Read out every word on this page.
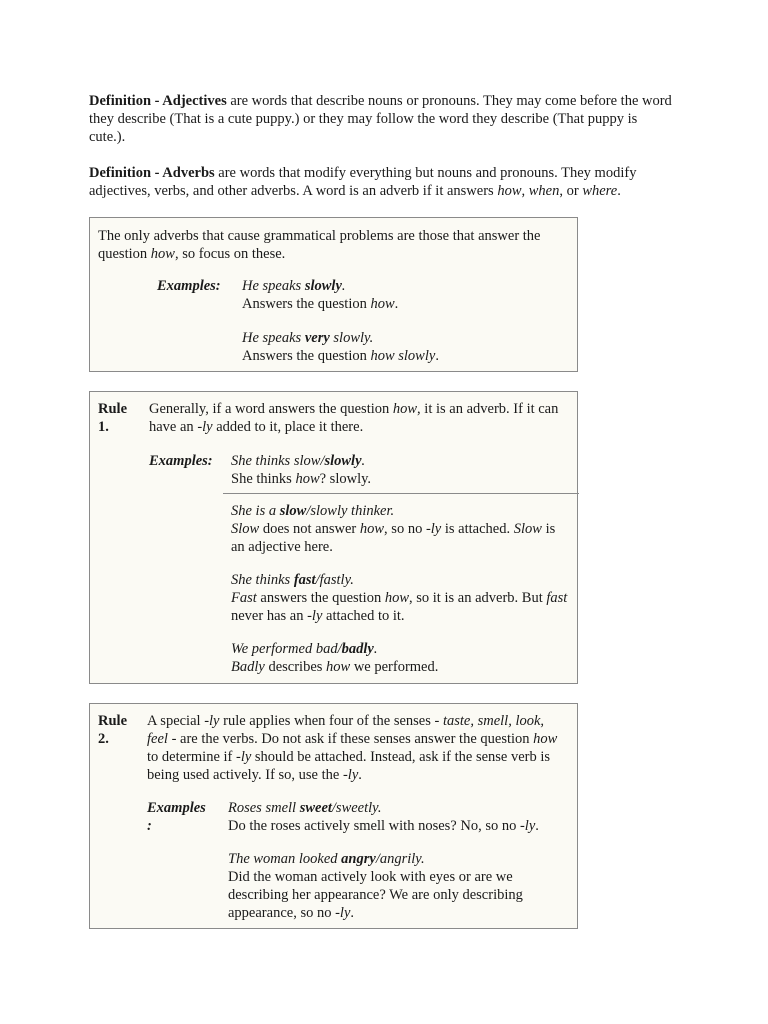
Definition - Adjectives are words that describe nouns or pronouns. They may come before the word they describe (That is a cute puppy.) or they may follow the word they describe (That puppy is cute.).

Definition - Adverbs are words that modify everything but nouns and pronouns. They modify adjectives, verbs, and other adverbs. A word is an adverb if it answers how, when, or where.

The only adverbs that cause grammatical problems are those that answer the question how, so focus on these.

Examples: He speaks slowly.
Answers the question how.

He speaks very slowly.
Answers the question how slowly.

Rule 1.

Generally, if a word answers the question how, it is an adverb. If it can have an -ly added to it, place it there.

Examples: She thinks slow/slowly.
She thinks how? slowly.

She is a slow/slowly thinker.
Slow does not answer how, so no -ly is attached. Slow is an adjective here.

She thinks fast/fastly.
Fast answers the question how, so it is an adverb. But fast never has an -ly attached to it.

We performed bad/badly.
Badly describes how we performed.

Rule 2.

A special -ly rule applies when four of the senses - taste, smell, look, feel - are the verbs. Do not ask if these senses answer the question how to determine if -ly should be attached. Instead, ask if the sense verb is being used actively. If so, use the -ly.

Examples :

Roses smell sweet/sweetly.
Do the roses actively smell with noses? No, so no -ly.

The woman looked angry/angrily.
Did the woman actively look with eyes or are we describing her appearance? We are only describing appearance, so no -ly.
